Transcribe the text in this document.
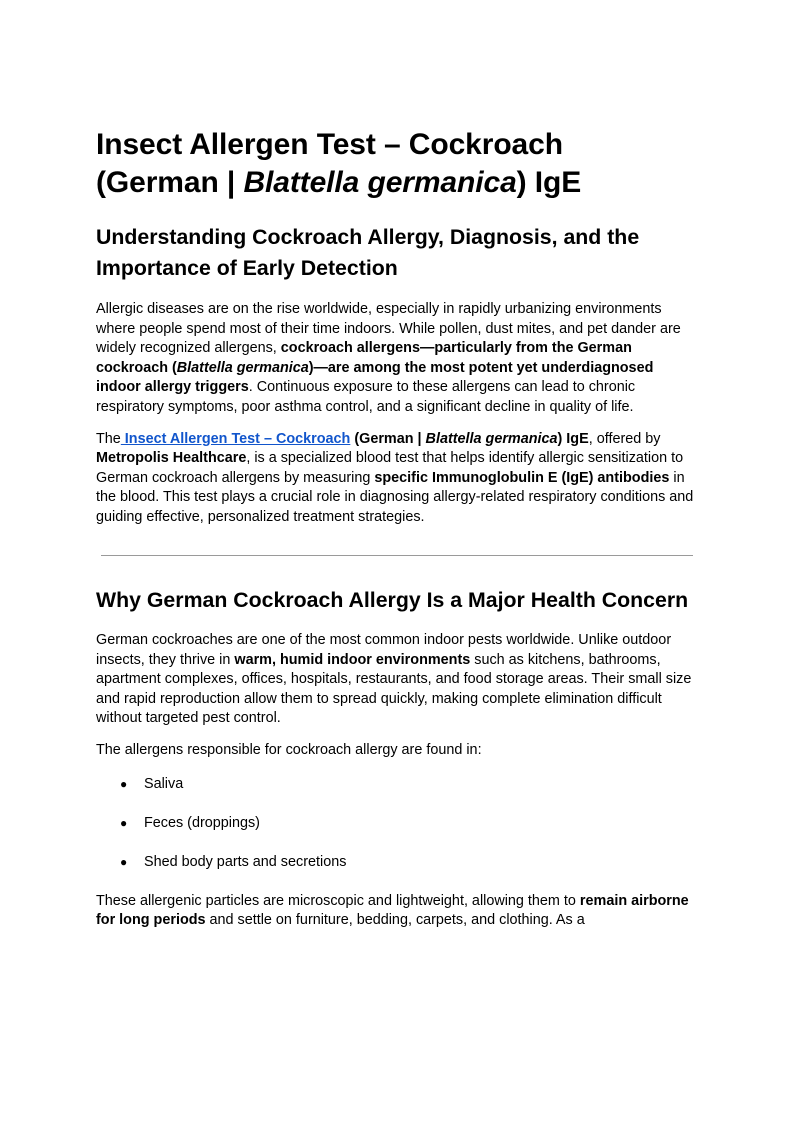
Insect Allergen Test – Cockroach
(German | Blattella germanica) IgE
Understanding Cockroach Allergy, Diagnosis, and the Importance of Early Detection

Allergic diseases are on the rise worldwide, especially in rapidly urbanizing environments where people spend most of their time indoors. While pollen, dust mites, and pet dander are widely recognized allergens, cockroach allergens—particularly from the German cockroach (Blattella germanica)—are among the most potent yet underdiagnosed indoor allergy triggers. Continuous exposure to these allergens can lead to chronic respiratory symptoms, poor asthma control, and a significant decline in quality of life.

The Insect Allergen Test – Cockroach (German | Blattella germanica) IgE, offered by Metropolis Healthcare, is a specialized blood test that helps identify allergic sensitization to German cockroach allergens by measuring specific Immunoglobulin E (IgE) antibodies in the blood. This test plays a crucial role in diagnosing allergy-related respiratory conditions and guiding effective, personalized treatment strategies.

Why German Cockroach Allergy Is a Major Health Concern

German cockroaches are one of the most common indoor pests worldwide. Unlike outdoor insects, they thrive in warm, humid indoor environments such as kitchens, bathrooms, apartment complexes, offices, hospitals, restaurants, and food storage areas. Their small size and rapid reproduction allow them to spread quickly, making complete elimination difficult without targeted pest control.

The allergens responsible for cockroach allergy are found in:

● Saliva
● Feces (droppings)
● Shed body parts and secretions

These allergenic particles are microscopic and lightweight, allowing them to remain airborne for long periods and settle on furniture, bedding, carpets, and clothing. As a
